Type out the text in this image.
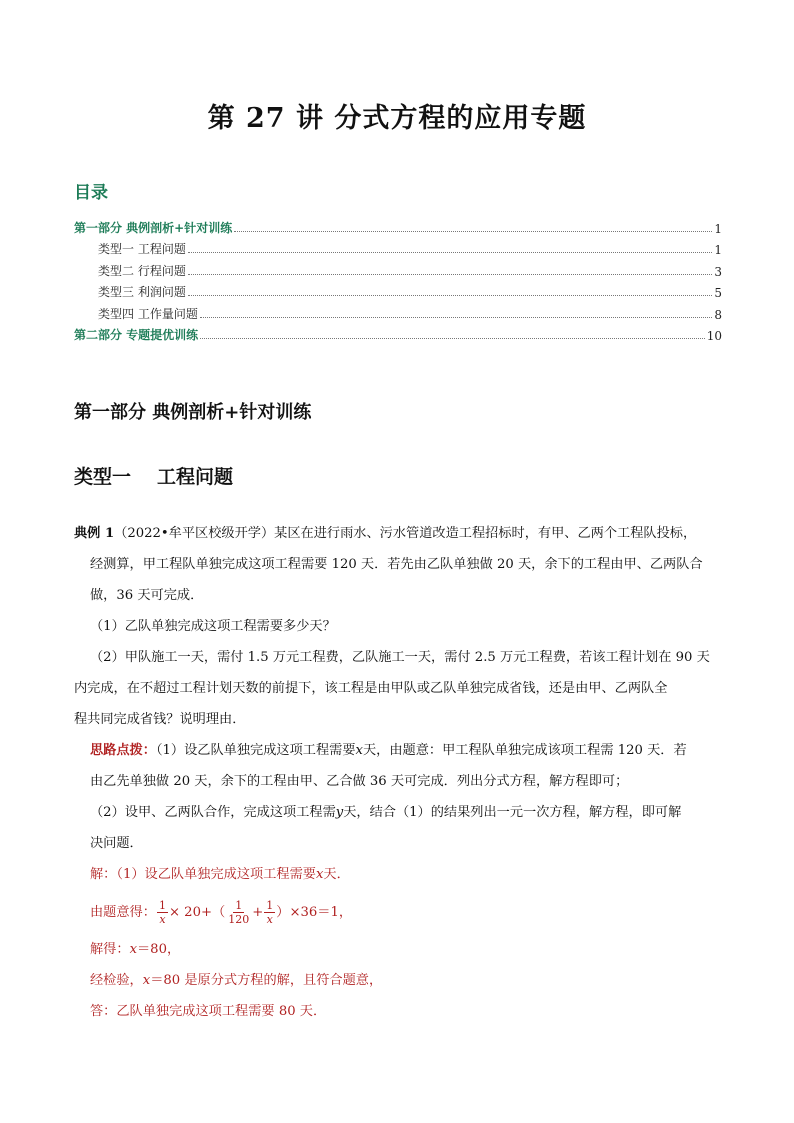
第 27 讲 分式方程的应用专题
目录
第一部分 典例剖析+针对训练	1
类型一 工程问题	1
类型二 行程问题	3
类型三 利润问题	5
类型四 工作量问题	8
第二部分 专题提优训练	10
第一部分 典例剖析+针对训练
类型一 工程问题

典例 1（2022•牟平区校级开学）某区在进行雨水、污水管道改造工程招标时，有甲、乙两个工程队投标，

经测算，甲工程队单独完成这项工程需要 120 天．若先由乙队单独做 20 天，余下的工程由甲、乙两队合

做，36 天可完成．

（1）乙队单独完成这项工程需要多少天？

（2）甲队施工一天，需付 1.5 万元工程费，乙队施工一天，需付 2.5 万元工程费，若该工程计划在 90 天

内完成，在不超过工程计划天数的前提下，该工程是由甲队或乙队单独完成省钱，还是由甲、乙两队全

程共同完成省钱？说明理由．

思路点拨：（1）设乙队单独完成这项工程需要x天，由题意：甲工程队单独完成该项工程需 120 天．若

由乙先单独做 20 天，余下的工程由甲、乙合做 36 天可完成．列出分式方程，解方程即可；

（2）设甲、乙两队合作，完成这项工程需y天，结合（1）的结果列出一元一次方程，解方程，即可解

决问题．

解：（1）设乙队单独完成这项工程需要x天．

由题意得： $\frac{1}{x} \times 20+( \frac{1}{120} + \frac{1}{x} )\times 36=1$，

解得：x＝80，

经检验，x＝80 是原分式方程的解，且符合题意，

答：乙队单独完成这项工程需要 80 天．
